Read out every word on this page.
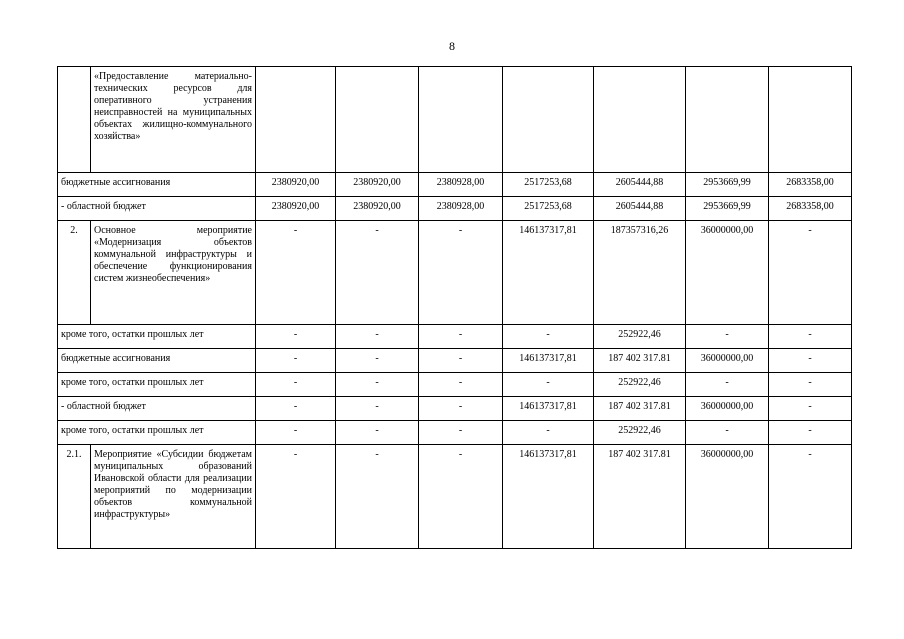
8
	«Предоставление материально-технических ресурсов для оперативного устранения неисправностей на муниципальных объектах жилищно-коммунального хозяйства»							
бюджетные ассигнования		2380920,00	2380920,00	2380928,00	2517253,68	2605444,88	2953669,99	2683358,00
- областной бюджет		2380920,00	2380920,00	2380928,00	2517253,68	2605444,88	2953669,99	2683358,00
2.	Основное мероприятие «Модернизация объектов коммунальной инфраструктуры и обеспечение функционирования систем жизнеобеспечения»	-	-	-	146137317,81	187357316,26	36000000,00	-
кроме того, остатки прошлых лет		-	-	-	-	252922,46	-	-
бюджетные ассигнования		-	-	-	146137317,81	187 402 317.81	36000000,00	-
кроме того, остатки прошлых лет		-	-	-	-	252922,46	-	-
- областной бюджет		-	-	-	146137317,81	187 402 317.81	36000000,00	-
кроме того, остатки прошлых лет		-	-	-	-	252922,46	-	-
2.1.	Мероприятие «Субсидии бюджетам муниципальных образований Ивановской области для реализации мероприятий по модернизации объектов коммунальной инфраструктуры»	-	-	-	146137317,81	187 402 317.81	36000000,00	-
